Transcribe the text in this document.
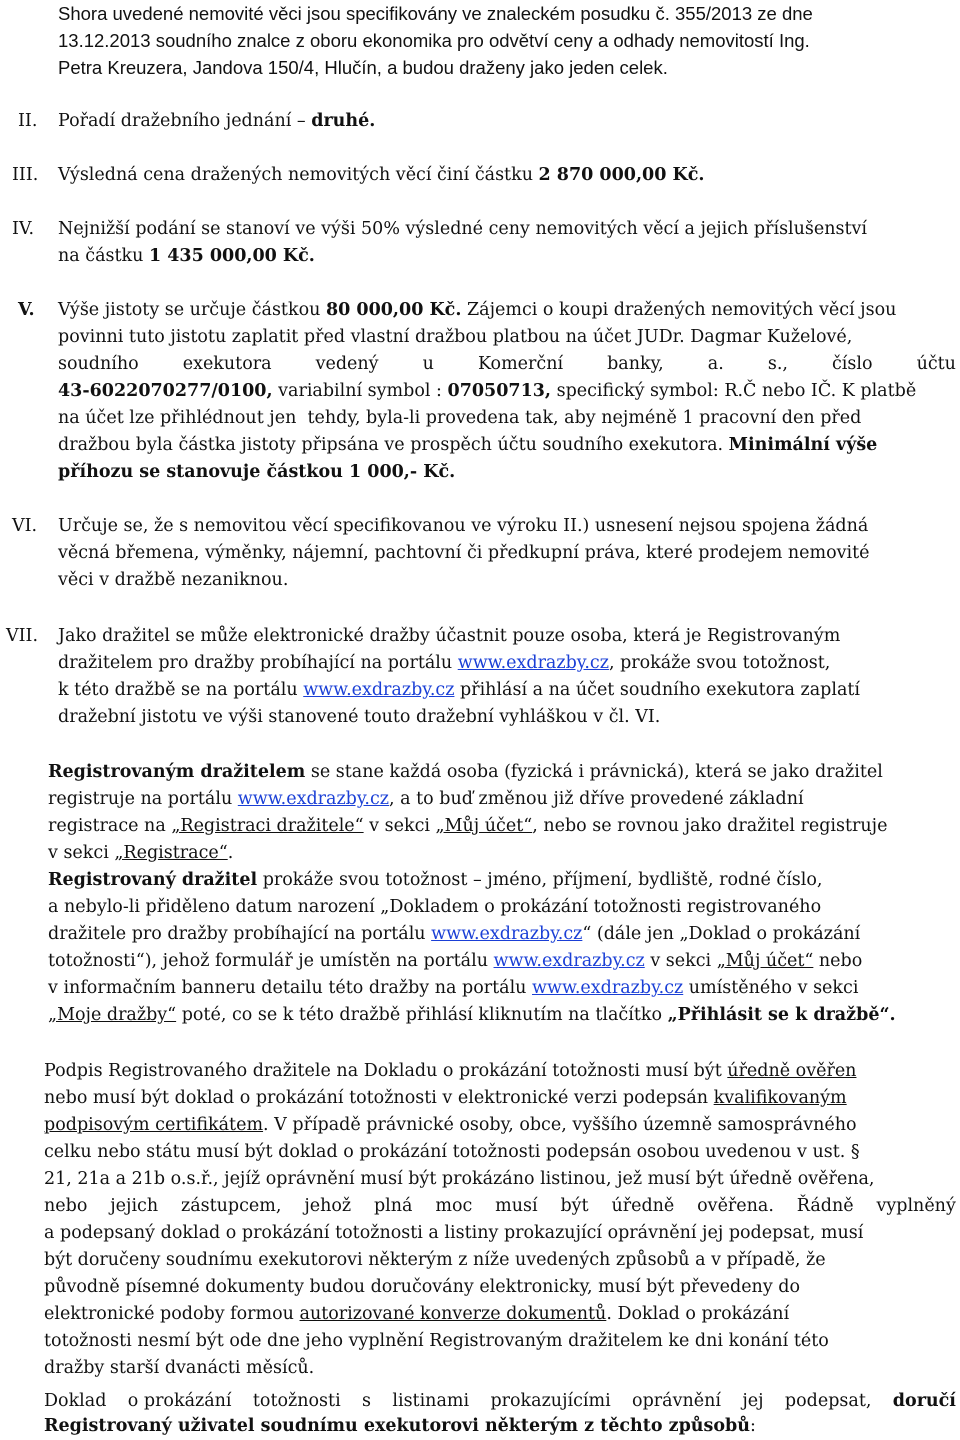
Shora uvedené nemovité věci jsou specifikovány ve znaleckém posudku č. 355/2013 ze dne
13.12.2013 soudního znalce z oboru ekonomika pro odvětví ceny a odhady nemovitostí Ing.
Petra Kreuzera, Jandova 150/4, Hlučín, a budou draženy jako jeden celek.
II.	Pořadí dražebního jednání – druhé.
III.	Výsledná cena dražených nemovitých věcí činí částku 2 870 000,00 Kč.
IV.	Nejnižší podání se stanoví ve výši 50% výsledné ceny nemovitých věcí a jejich příslušenství
na částku 1 435 000,00 Kč.
V.	Výše jistoty se určuje částkou 80 000,00 Kč. Zájemci o koupi dražených nemovitých věcí jsou
povinni tuto jistotu zaplatit před vlastní dražbou platbou na účet JUDr. Dagmar Kuželové,
soudního	exekutora	vedený	u	Komerční	banky,	a.	s.,	číslo	účtu
43-6022070277/0100, variabilní symbol : 07050713, specifický symbol: R.Č nebo IČ. K platbě
na účet lze přihlédnout jen  tehdy, byla-li provedena tak, aby nejméně 1 pracovní den před
dražbou byla částka jistoty připsána ve prospěch účtu soudního exekutora. Minimální výše
příhozu se stanovuje částkou 1 000,- Kč.
VI.	Určuje se, že s nemovitou věcí specifikovanou ve výroku II.) usnesení nejsou spojena žádná
věcná břemena, výměnky, nájemní, pachtovní či předkupní práva, které prodejem nemovité
věci v dražbě nezaniknou.
VII.	Jako dražitel se může elektronické dražby účastnit pouze osoba, která je Registrovaným
dražitelem pro dražby probíhající na portálu www.exdrazby.cz, prokáže svou totožnost,
k této dražbě se na portálu www.exdrazby.cz přihlásí a na účet soudního exekutora zaplatí
dražební jistotu ve výši stanovené touto dražební vyhláškou v čl. VI.
Registrovaným dražitelem se stane každá osoba (fyzická i právnická), která se jako dražitel
registruje na portálu www.exdrazby.cz, a to buď změnou již dříve provedené základní
registrace na „Registraci dražitele“ v sekci „Můj účet“, nebo se rovnou jako dražitel registruje
v sekci „Registrace“.
Registrovaný dražitel prokáže svou totožnost – jméno, příjmení, bydliště, rodné číslo,
a nebylo-li přiděleno datum narození „Dokladem o prokázání totožnosti registrovaného
dražitele pro dražby probíhající na portálu www.exdrazby.cz“ (dále jen „Doklad o prokázání
totožnosti“), jehož formulář je umístěn na portálu www.exdrazby.cz v sekci „Můj účet“ nebo
v informačním banneru detailu této dražby na portálu www.exdrazby.cz umístěného v sekci
„Moje dražby“ poté, co se k této dražbě přihlásí kliknutím na tlačítko „Přihlásit se k dražbě“.
Podpis Registrovaného dražitele na Dokladu o prokázání totožnosti musí být úředně ověřen
nebo musí být doklad o prokázání totožnosti v elektronické verzi podepsán kvalifikovaným
podpisovým certifikátem. V případě právnické osoby, obce, vyššího územně samosprávného
celku nebo státu musí být doklad o prokázání totožnosti podepsán osobou uvedenou v ust. §
21, 21a a 21b o.s.ř., jejíž oprávnění musí být prokázáno listinou, jež musí být úředně ověřena,
nebo jejich zástupcem, jehož plná moc musí být úředně ověřena. Řádně vyplněný
a podepsaný doklad o prokázání totožnosti a listiny prokazující oprávnění jej podepsat, musí
být doručeny soudnímu exekutorovi některým z níže uvedených způsobů a v případě, že
původně písemné dokumenty budou doručovány elektronicky, musí být převedeny do
elektronické podoby formou autorizované konverze dokumentů. Doklad o prokázání
totožnosti nesmí být ode dne jeho vyplnění Registrovaným dražitelem ke dni konání této
dražby starší dvanácti měsíců.
Doklad o prokázání totožnosti s listinami prokazujícími oprávnění jej podepsat, doručí
Registrovaný uživatel soudnímu exekutorovi některým z těchto způsobů:
